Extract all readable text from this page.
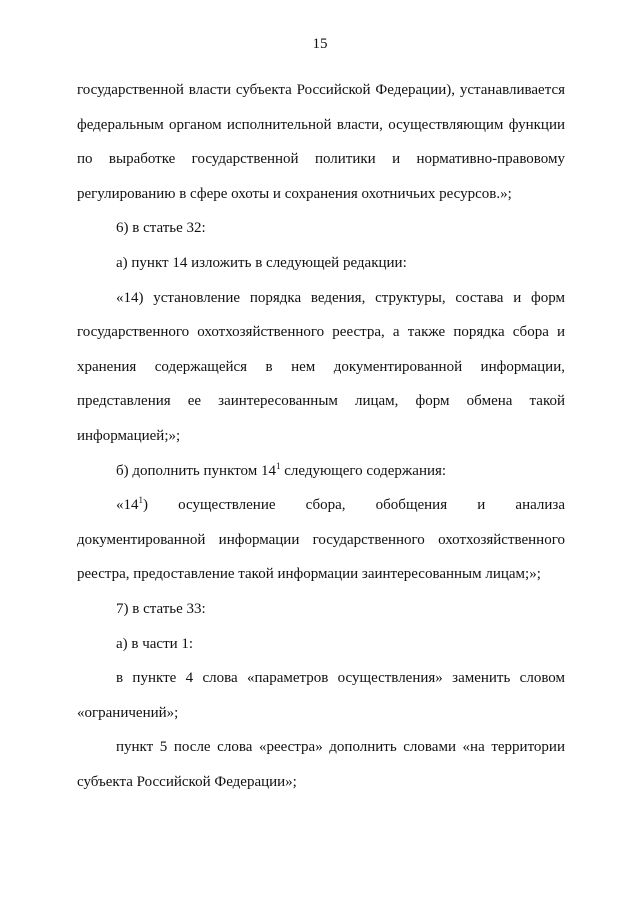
15

государственной власти субъекта Российской Федерации), устанавливается федеральным органом исполнительной власти, осуществляющим функции по выработке государственной политики и нормативно-правовому регулированию в сфере охоты и сохранения охотничьих ресурсов.»;

6) в статье 32:

а) пункт 14 изложить в следующей редакции:

«14) установление порядка ведения, структуры, состава и форм государственного охотхозяйственного реестра, а также порядка сбора и хранения содержащейся в нем документированной информации, представления ее заинтересованным лицам, форм обмена такой информацией;»;

б) дополнить пунктом $14^1$ следующего содержания:

«$14^1$) осуществление сбора, обобщения и анализа документированной информации государственного охотхозяйственного реестра, предоставление такой информации заинтересованным лицам;»;

7) в статье 33:

а) в части 1:

в пункте 4 слова «параметров осуществления» заменить словом «ограничений»;

пункт 5 после слова «реестра» дополнить словами «на территории субъекта Российской Федерации»;
